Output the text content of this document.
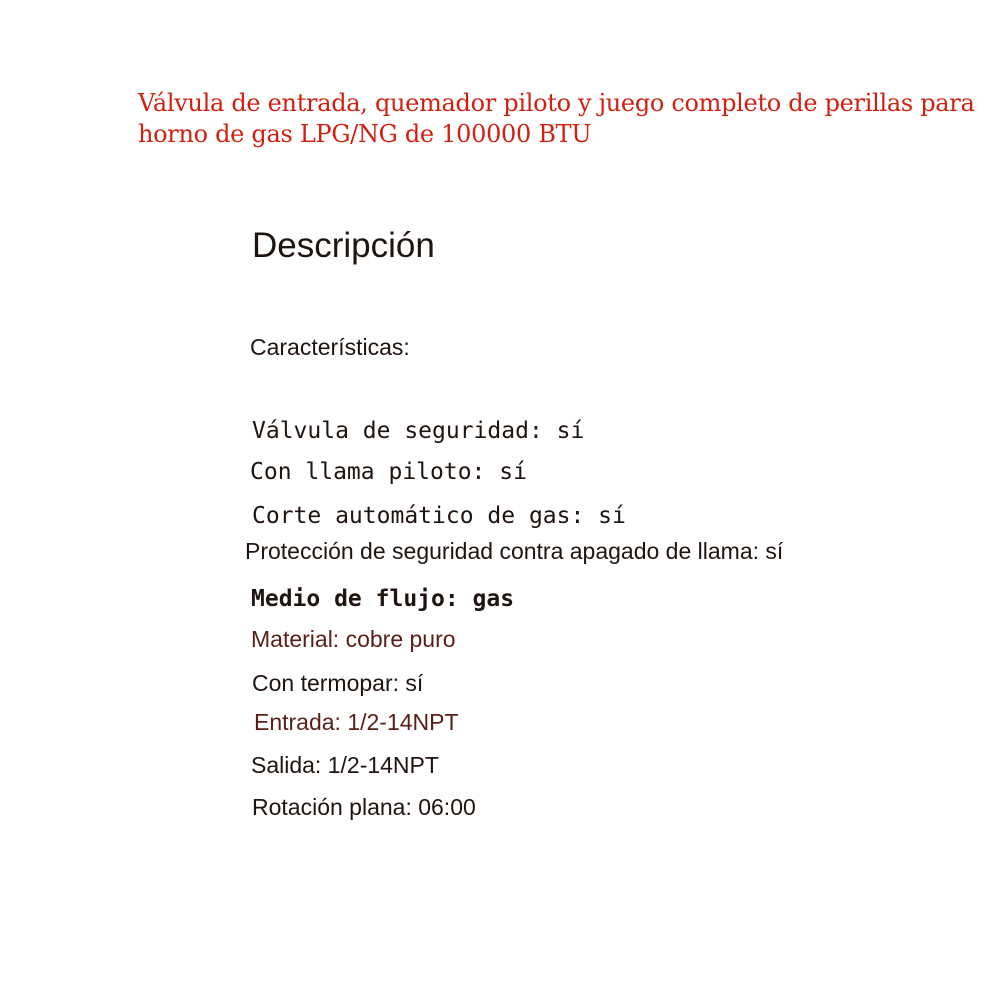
Válvula de entrada, quemador piloto y juego completo de perillas para horno de gas LPG/NG de 100000 BTU
Descripción

Características:

Válvula de seguridad: sí

Con llama piloto: sí

Corte automático de gas: sí

Protección de seguridad contra apagado de llama: sí

Medio de flujo: gas

Material: cobre puro

Con termopar: sí

Entrada: 1/2-14NPT

Salida: 1/2-14NPT

Rotación plana: 06:00
